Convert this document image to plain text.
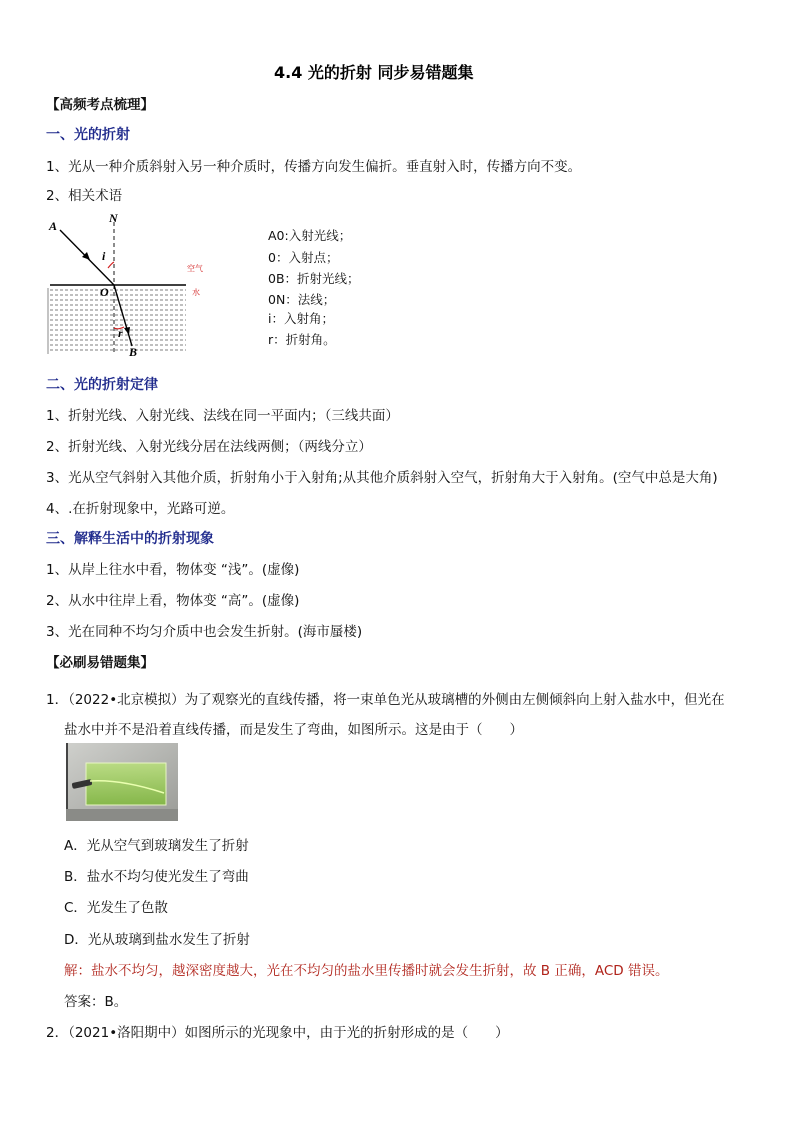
4.4 光的折射 同步易错题集
【高频考点梳理】
一、光的折射
1、光从一种介质斜射入另一种介质时，传播方向发生偏折。垂直射入时，传播方向不变。
2、相关术语
A
N
i
O
r
B
空气
水
A0:入射光线；
0：入射点；
0B：折射光线；
0N：法线；
i：入射角；
r：折射角。
二、光的折射定律
1、折射光线、入射光线、法线在同一平面内；（三线共面）
2、折射光线、入射光线分居在法线两侧；（两线分立）
3、光从空气斜射入其他介质，折射角小于入射角;从其他介质斜射入空气，折射角大于入射角。(空气中总是大角)
4、.在折射现象中，光路可逆。
三、解释生活中的折射现象
1、从岸上往水中看，物体变 “浅”。(虚像)
2、从水中往岸上看，物体变 “高”。(虚像)
3、光在同种不均匀介质中也会发生折射。(海市蜃楼)
【必刷易错题集】
1．（2022•北京模拟）为了观察光的直线传播，将一束单色光从玻璃槽的外侧由左侧倾斜向上射入盐水中，但光在
盐水中并不是沿着直线传播，而是发生了弯曲，如图所示。这是由于（　　）
A．光从空气到玻璃发生了折射
B．盐水不均匀使光发生了弯曲
C．光发生了色散
D．光从玻璃到盐水发生了折射
解：盐水不均匀，越深密度越大，光在不均匀的盐水里传播时就会发生折射，故 B 正确，ACD 错误。
答案：B。
2．（2021•洛阳期中）如图所示的光现象中，由于光的折射形成的是（　　）
